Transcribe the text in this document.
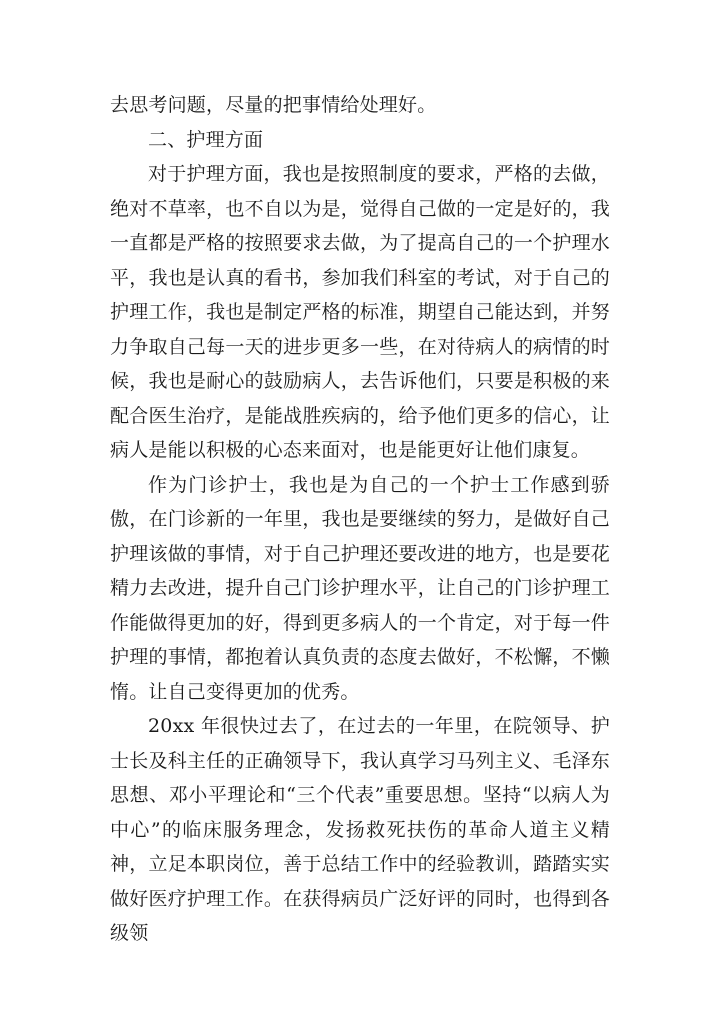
去思考问题，尽量的把事情给处理好。

二、护理方面

对于护理方面，我也是按照制度的要求，严格的去做，绝对不草率，也不自以为是，觉得自己做的一定是好的，我一直都是严格的按照要求去做，为了提高自己的一个护理水平，我也是认真的看书，参加我们科室的考试，对于自己的护理工作，我也是制定严格的标准，期望自己能达到，并努力争取自己每一天的进步更多一些，在对待病人的病情的时候，我也是耐心的鼓励病人，去告诉他们，只要是积极的来配合医生治疗，是能战胜疾病的，给予他们更多的信心，让病人是能以积极的心态来面对，也是能更好让他们康复。

作为门诊护士，我也是为自己的一个护士工作感到骄傲，在门诊新的一年里，我也是要继续的努力，是做好自己护理该做的事情，对于自己护理还要改进的地方，也是要花精力去改进，提升自己门诊护理水平，让自己的门诊护理工作能做得更加的好，得到更多病人的一个肯定，对于每一件护理的事情，都抱着认真负责的态度去做好，不松懈，不懒惰。让自己变得更加的优秀。

20xx 年很快过去了，在过去的一年里，在院领导、护士长及科主任的正确领导下，我认真学习马列主义、毛泽东思想、邓小平理论和“三个代表”重要思想。坚持“以病人为中心”的临床服务理念，发扬救死扶伤的革命人道主义精神，立足本职岗位，善于总结工作中的经验教训，踏踏实实做好医疗护理工作。在获得病员广泛好评的同时，也得到各级领
